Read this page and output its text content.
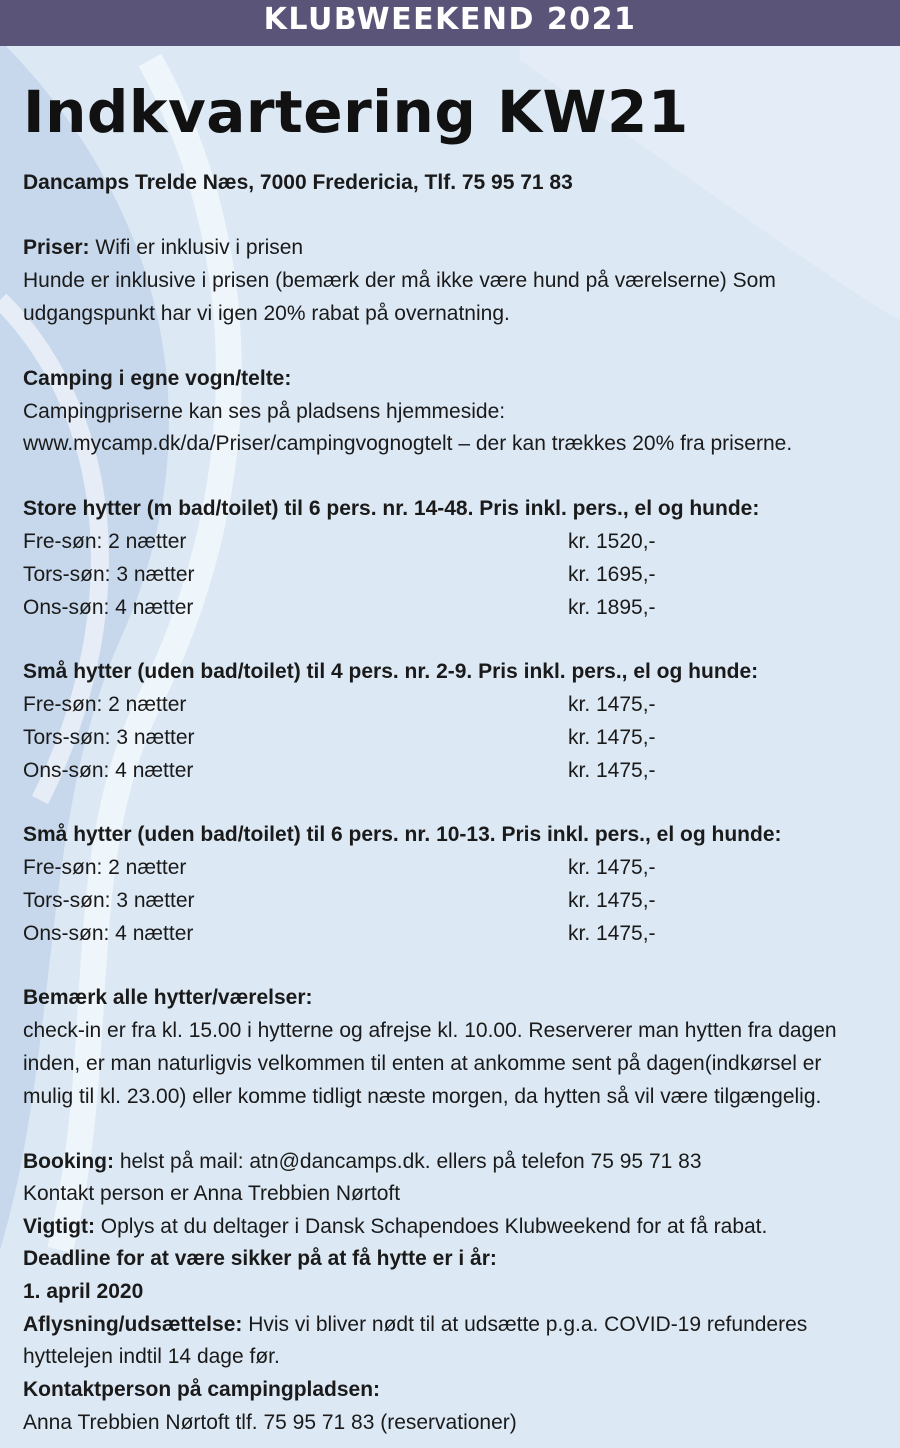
KLUBWEEKEND 2021
Indkvartering KW21
Dancamps Trelde Næs, 7000 Fredericia, Tlf. 75 95 71 83
Priser: Wifi er inklusiv i prisen
Hunde er inklusive i prisen (bemærk der må ikke være hund på værelserne) Som
udgangspunkt har vi igen 20% rabat på overnatning.
Camping i egne vogn/telte:
Campingpriserne kan ses på pladsens hjemmeside:
www.mycamp.dk/da/Priser/campingvognogtelt – der kan trækkes 20% fra priserne.
Store hytter (m bad/toilet) til 6 pers. nr. 14-48. Pris inkl. pers., el og hunde:
Fre-søn: 2 nætter	kr. 1520,-
Tors-søn: 3 nætter	kr. 1695,-
Ons-søn: 4 nætter	kr. 1895,-
Små hytter (uden bad/toilet) til 4 pers. nr. 2-9. Pris inkl. pers., el og hunde:
Fre-søn: 2 nætter	kr. 1475,-
Tors-søn: 3 nætter	kr. 1475,-
Ons-søn: 4 nætter	kr. 1475,-
Små hytter (uden bad/toilet) til 6 pers. nr. 10-13. Pris inkl. pers., el og hunde:
Fre-søn: 2 nætter	kr. 1475,-
Tors-søn: 3 nætter	kr. 1475,-
Ons-søn: 4 nætter	kr. 1475,-
Bemærk alle hytter/værelser:
check-in er fra kl. 15.00 i hytterne og afrejse kl. 10.00. Reserverer man hytten fra dagen
inden, er man naturligvis velkommen til enten at ankomme sent på dagen(indkørsel er
mulig til kl. 23.00) eller komme tidligt næste morgen, da hytten så vil være tilgængelig.
Booking: helst på mail: atn@dancamps.dk. ellers på telefon 75 95 71 83
Kontakt person er Anna Trebbien Nørtoft
Vigtigt: Oplys at du deltager i Dansk Schapendoes Klubweekend for at få rabat.
Deadline for at være sikker på at få hytte er i år:
1. april 2020
Aflysning/udsættelse: Hvis vi bliver nødt til at udsætte p.g.a. COVID-19 refunderes
hyttelejen indtil 14 dage før.
Kontaktperson på campingpladsen:
Anna Trebbien Nørtoft tlf. 75 95 71 83 (reservationer)
